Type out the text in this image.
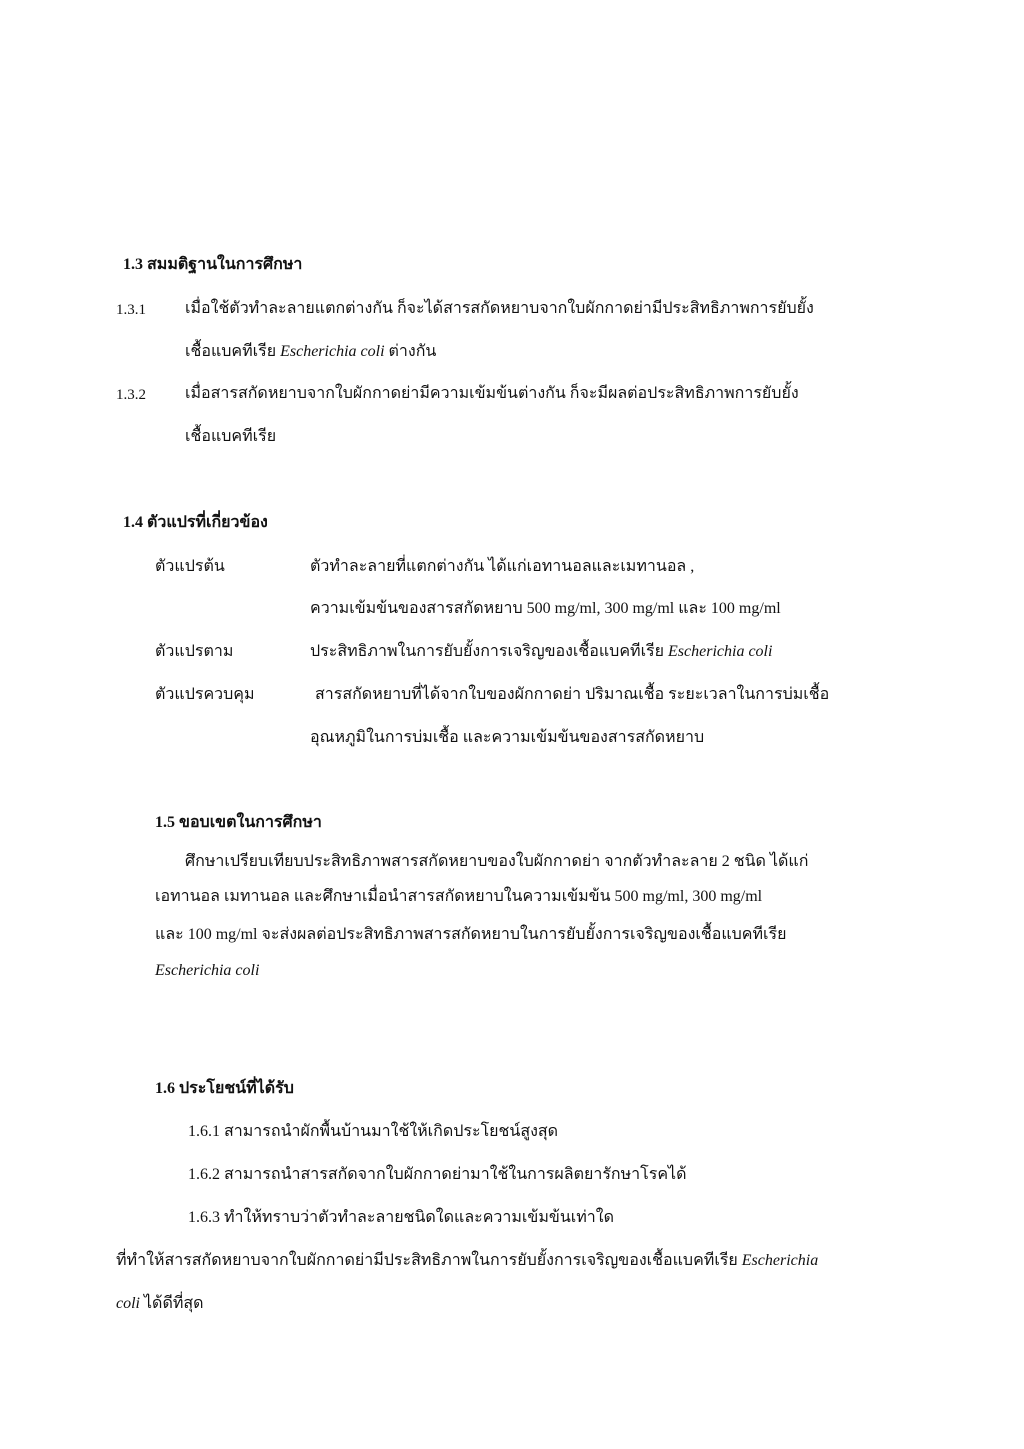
1.3 สมมติฐานในการศึกษา
1.3.1 เมื่อใช้ตัวทำละลายแตกต่างกัน ก็จะได้สารสกัดหยาบจากใบผักกาดย่ามีประสิทธิภาพการยับยั้ง
เชื้อแบคทีเรีย Escherichia coli ต่างกัน
1.3.2 เมื่อสารสกัดหยาบจากใบผักกาดย่ามีความเข้มข้นต่างกัน ก็จะมีผลต่อประสิทธิภาพการยับยั้ง
เชื้อแบคทีเรีย
1.4 ตัวแปรที่เกี่ยวข้อง
ตัวแปรต้น	ตัวทำละลายที่แตกต่างกัน ได้แก่เอทานอลและเมทานอล ,
ความเข้มข้นของสารสกัดหยาบ 500 mg/ml, 300 mg/ml และ 100 mg/ml
ตัวแปรตาม	ประสิทธิภาพในการยับยั้งการเจริญของเชื้อแบคทีเรีย Escherichia coli
ตัวแปรควบคุม	สารสกัดหยาบที่ได้จากใบของผักกาดย่า ปริมาณเชื้อ ระยะเวลาในการบ่มเชื้อ
อุณหภูมิในการบ่มเชื้อ และความเข้มข้นของสารสกัดหยาบ
1.5 ขอบเขตในการศึกษา
ศึกษาเปรียบเทียบประสิทธิภาพสารสกัดหยาบของใบผักกาดย่า จากตัวทำละลาย 2 ชนิด ได้แก่
เอทานอล เมทานอล และศึกษาเมื่อนำสารสกัดหยาบในความเข้มข้น 500 mg/ml, 300 mg/ml
และ 100 mg/ml จะส่งผลต่อประสิทธิภาพสารสกัดหยาบในการยับยั้งการเจริญของเชื้อแบคทีเรีย
Escherichia coli
1.6 ประโยชน์ที่ได้รับ
1.6.1 สามารถนำผักพื้นบ้านมาใช้ให้เกิดประโยชน์สูงสุด
1.6.2 สามารถนำสารสกัดจากใบผักกาดย่ามาใช้ในการผลิตยารักษาโรคได้
1.6.3 ทำให้ทราบว่าตัวทำละลายชนิดใดและความเข้มข้นเท่าใด
ที่ทำให้สารสกัดหยาบจากใบผักกาดย่ามีประสิทธิภาพในการยับยั้งการเจริญของเชื้อแบคทีเรีย Escherichia
coli ได้ดีที่สุด
